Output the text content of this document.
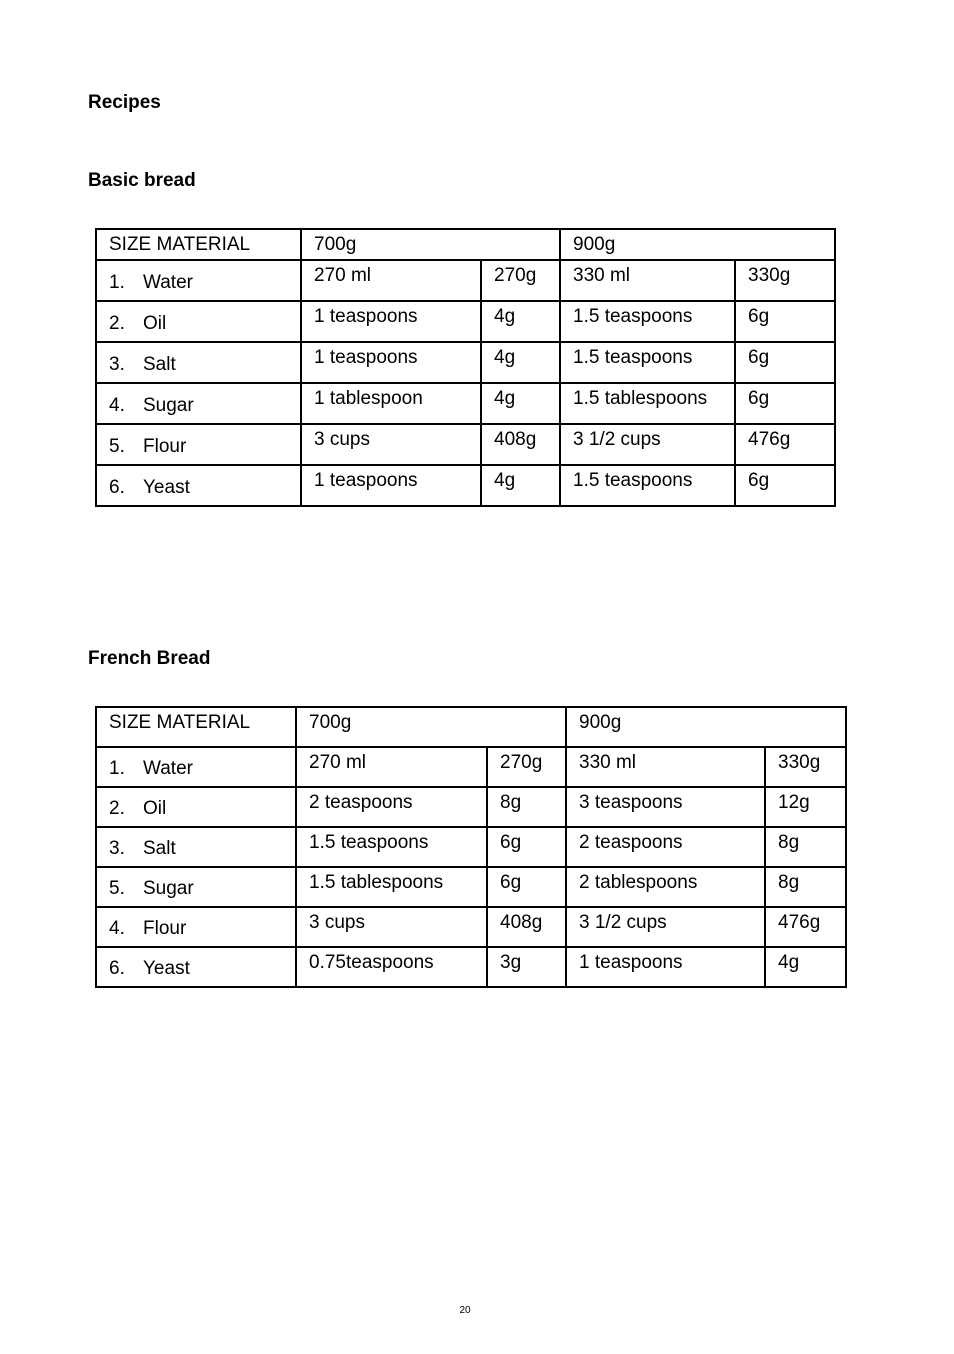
Recipes
Basic bread
SIZE MATERIAL	700g		900g	
1. Water	270 ml	270g	330 ml	330g
2. Oil	1 teaspoons	4g	1.5 teaspoons	6g
3. Salt	1 teaspoons	4g	1.5 teaspoons	6g
4. Sugar	1 tablespoon	4g	1.5 tablespoons	6g
5. Flour	3 cups	408g	3 1/2 cups	476g
6. Yeast	1 teaspoons	4g	1.5 teaspoons	6g
French Bread
SIZE MATERIAL	700g		900g	
1. Water	270 ml	270g	330 ml	330g
2. Oil	2 teaspoons	8g	3 teaspoons	12g
3. Salt	1.5 teaspoons	6g	2 teaspoons	8g
5. Sugar	1.5 tablespoons	6g	2 tablespoons	8g
4. Flour	3 cups	408g	3 1/2 cups	476g
6. Yeast	0.75teaspoons	3g	1 teaspoons	4g
20
